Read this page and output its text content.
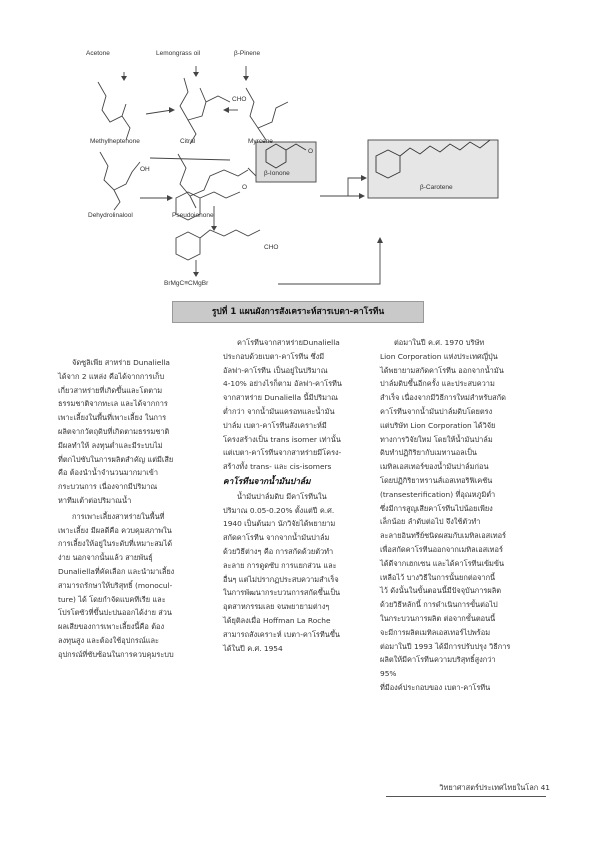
Acetone	Lemongrass oil	β-Pinene
Methylheptenone	Citral	Myrcene
Dehydrolinalool	Pseudoionone
β-Ionone
β-Carotene
BrMgC≡CMgBr
CHO
CHO
OH
O
O
รูปที่ 1 แผนผังการสังเคราะห์สารเบตา-คาโรทีน

จัดซูลิเพีย สาหร่าย Dunaliella

ได้จาก 2 แหล่ง คือได้จากการเก็บ

เกี่ยวสาหร่ายที่เกิดขึ้นและโตตาม

ธรรมชาติจากทะเล และได้จากการ

เพาะเลี้ยงในพื้นที่เพาะเลี้ยง ในการ

ผลิตจากวัตถุดิบที่เกิดตามธรรมชาติ

มีผลทำให้ ลงทุนต่ำและมีระบบไม่

ที่ตกไปซับในการผลิตสำคัญ แต่มีเสีย

คือ ต้องนำน้ำจำนวนมากมาเข้า

กระบวนการ เนื่องจากมีปริมาณ

หาทีมเต้าต่อปริมาณน้ำ

การเพาะเลี้ยงสาหร่ายในพื้นที่

เพาะเลี้ยง มีผลดีคือ ควบคุมสภาพใน

การเลี้ยงให้อยู่ในระดับที่เหมาะสมได้

ง่าย นอกจากนั้นแล้ว สายพันธุ์

Dunaliellaที่คัดเลือก และนำมาเลี้ยง

สามารถรักษาให้บริสุทธิ์ (monocul-

ture) ได้ โดยกำจัดแบคทีเรีย และ

โปรโตซัวที่ขึ้นปะปนออกได้ง่าย ส่วน

ผลเสียของการเพาะเลี้ยงนี้คือ ต้อง

ลงทุนสูง และต้องใช้อุปกรณ์และ

อุปกรณ์ที่ซับซ้อนในการควบคุมระบบ

คาโรทีนจากสาหร่ายDunaliella

ประกอบด้วยเบตา-คาโรทีน ซึ่งมี

อัลฟา-คาโรทีน เป็นอยู่ในปริมาณ

4-10% อย่างไรก็ตาม อัลฟา-คาโรทีน

จากสาหร่าย Dunaliella นี้มีปริมาณ

ต่ำกว่า จากน้ำมันแครอทและน้ำมัน

ปาล์ม เบตา-คาโรทีนสังเคราะห์มี

โครงสร้างเป็น trans isomer เท่านั้น

แต่เบตา-คาโรทีนจากสาหร่ายมีโครง-

สร้างทั้ง trans- และ cis-isomers

คาโรทีนจากน้ำมันปาล์ม

น้ำมันปาล์มดิบ มีคาโรทีนใน

ปริมาณ 0.05-0.20% ตั้งแต่ปี ค.ศ.

1940 เป็นต้นมา นักวิจัยได้พยายาม

สกัดคาโรทีน จากจากน้ำมันปาล์ม

ด้วยวิธีต่างๆ คือ การสกัดด้วยตัวทำ

ละลาย การดูดซับ การแยกส่วน และ

อื่นๆ แต่ไม่ปรากฏประสบความสำเร็จ

ในการพัฒนากระบวนการสกัดขึ้นเป็น

อุตสาหกรรมเลย จนพยายามต่างๆ

ได้ยุติลงเมื่อ Hoffman La Roche

สามารถสังเคราะห์ เบตา-คาโรทีนขึ้น

ได้ในปี ค.ศ. 1954

ต่อมาในปี ค.ศ. 1970 บริษัท

Lion Corporation แห่งประเทศญี่ปุ่น

ได้พยายามสกัดคาโรทีน ออกจากน้ำมัน

ปาล์มดิบขึ้นอีกครั้ง และประสบความ

สำเร็จ เนื่องจากมีวิธีการใหม่สำหรับสกัด

คาโรทีนจากน้ำมันปาล์มดิบโดยตรง

แต่บริษัท Lion Corporation ได้วิจัย

ทางการวิจัยใหม่ โดยให้น้ำมันปาล์ม

ดิบทำปฏิกิริยากับเมทานอลเป็น

เมทิลเอสเทอร์ของน้ำมันปาล์มก่อน

โดยปฏิกิริยาทรานส์เอสเทอริฟิเคชัน

(transesterification) ที่อุณหภูมิต่ำ

ซึ่งมีการสูญเสียคาโรทีนไปน้อยเพียง

เล็กน้อย ลำดับต่อไป จึงใช้ตัวทำ

ละลายอินทรีย์ชนิดผสมกับเมทิลเอสเทอร์

เพื่อสกัดคาโรทีนออกจากเมทิลเอสเทอร์

ได้ดีจากเฮกเซน และได้คาโรทีนเข้มข้น

เหลือไว้ บางวิธีในการนั้นยกต่อจากนี้

ไว้ ดังนั้นในขั้นตอนนี้มีปัจจุบันการผลิต

ด้วยวิธีหลักนี้ การดำเนินการขั้นต่อไป

ในกระบวนการผลิต ต่อจากขั้นตอนนี้

จะมีการผลิตเมทิลเอสเทอร์ไปพร้อม

ต่อมาในปี 1993 ได้มีการปรับปรุง วิธีการ

ผลิตให้มีคาโรทีนความบริสุทธิ์สูงกว่า 95%

ที่มีองค์ประกอบของ เบตา-คาโรทีน

วิทยาศาสตร์ประเทศไทยในโลก 41
